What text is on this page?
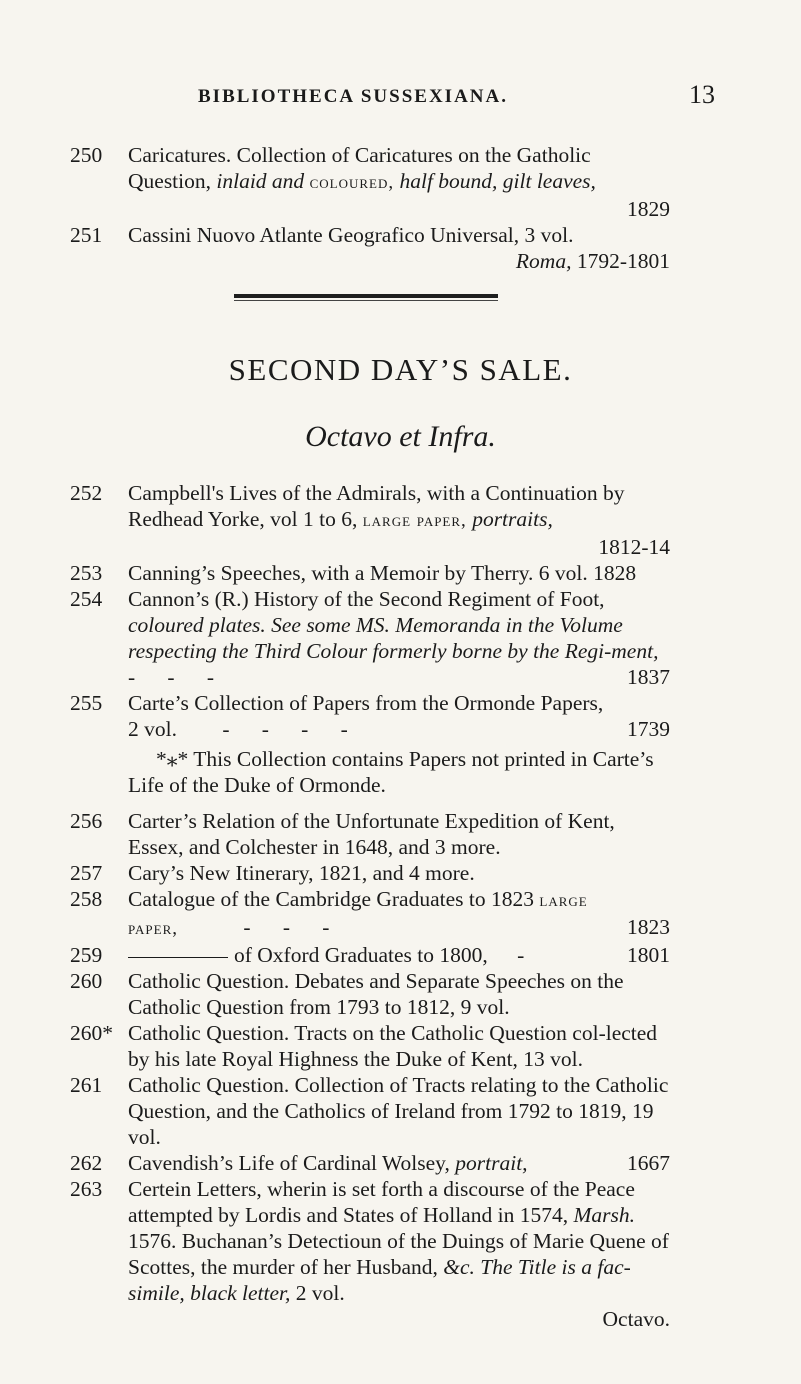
BIBLIOTHECA SUSSEXIANA.	13

250	Caricatures. Collection of Caricatures on the Gatholic Question, inlaid and coloured, half bound, gilt leaves,
1829

251	Cassini Nuovo Atlante Geografico Universal, 3 vol.
Roma, 1792-1801

SECOND DAY’S SALE.
Octavo et Infra.

252	Campbell's Lives of the Admirals, with a Continuation by Redhead Yorke, vol 1 to 6, large paper, portraits,
1812-14

253	Canning’s Speeches, with a Memoir by Therry. 6 vol. 1828

254	Cannon’s (R.) History of the Second Regiment of Foot, coloured plates. See some MS. Memoranda in the Volume respecting the Third Colour formerly borne by the Regi-ment, -      -      -	1837

255	Carte’s Collection of Papers from the Ormonde Papers,
2 vol. -      -      -      -	1739

*⁎* This Collection contains Papers not printed in Carte’s Life of the Duke of Ormonde.

256	Carter’s Relation of the Unfortunate Expedition of Kent, Essex, and Colchester in 1648, and 3 more.

257	Cary’s New Itinerary, 1821, and 4 more.

258	Catalogue of the Cambridge Graduates to 1823 large
paper,	-      -      -	1823

259	of Oxford Graduates to 1800, -	1801

260	Catholic Question. Debates and Separate Speeches on the Catholic Question from 1793 to 1812, 9 vol.

260* Catholic Question. Tracts on the Catholic Question col-lected by his late Royal Highness the Duke of Kent, 13 vol.

261	Catholic Question. Collection of Tracts relating to the Catholic Question, and the Catholics of Ireland from 1792 to 1819, 19 vol.

262	Cavendish’s Life of Cardinal Wolsey, portrait,	1667

263	Certein Letters, wherin is set forth a discourse of the Peace attempted by Lordis and States of Holland in 1574, Marsh. 1576. Buchanan’s Detectioun of the Duings of Marie Quene of Scottes, the murder of her Husband, &c. The Title is a fac-simile, black letter, 2 vol.
Octavo.
